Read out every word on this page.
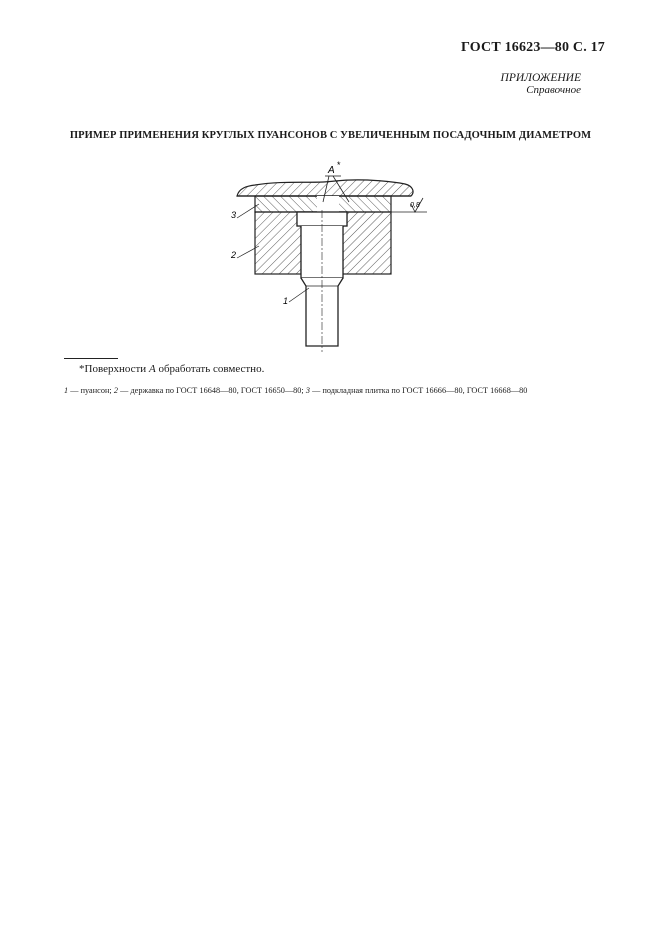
ГОСТ 16623—80 С. 17
ПРИЛОЖЕНИЕ
Справочное
ПРИМЕР ПРИМЕНЕНИЯ КРУГЛЫХ ПУАНСОНОВ С УВЕЛИЧЕННЫМ ПОСАДОЧНЫМ ДИАМЕТРОМ
A *
0,8
3
2
1
*Поверхности A обработать совместно.
1 — пуансон; 2 — державка по ГОСТ 16648—80, ГОСТ 16650—80; 3 — подкладная плитка по ГОСТ 16666—80, ГОСТ 16668—80
